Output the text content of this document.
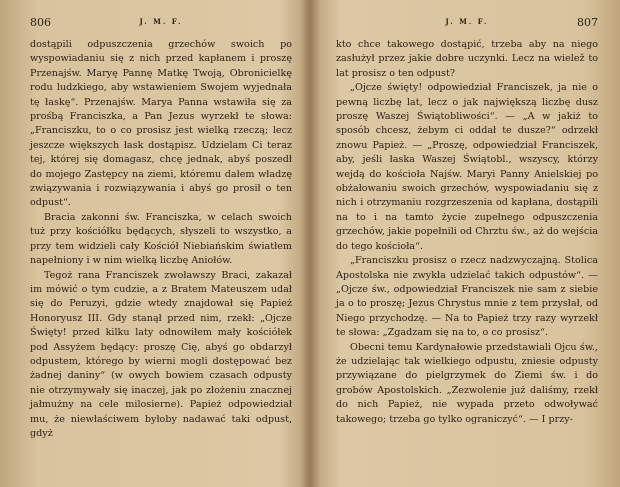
806	J. M. F.

dostąpili odpuszczenia grzechów swoich po wyspowiadaniu się z nich przed kapłanem i proszę Przenajśw. Maryę Pannę Matkę Twoją, Obronicielkę rodu ludzkiego, aby wstawieniem Swojem wyjednała tę łaskę“. Przenajśw. Marya Panna wstawiła się za prośbą Franciszka, a Pan Jezus wyrzekł te słowa: „Franciszku, to o co prosisz jest wielką rzeczą; lecz jeszcze większych łask dostąpisz. Udzielam Ci teraz tej, której się domagasz, chcę jednak, abyś poszedł do mojego Zastępcy na ziemi, któremu dałem władzę związywania i rozwiązywania i abyś go prosił o ten odpust“.

Bracia zakonni św. Franciszka, w celach swoich tuż przy kościółku będących, słyszeli to wszystko, a przy tem widzieli cały Kościół Niebiańskim światłem napełniony i w nim wielką liczbę Aniołów.

Tegoż rana Franciszek zwoławszy Braci, zakazał im mówić o tym cudzie, a z Bratem Mateuszem udał się do Peruzyi, gdzie wtedy znajdował się Papież Honoryusz III. Gdy stanął przed nim, rzekł: „Ojcze Święty! przed kilku laty odnowiłem mały kościółek pod Assyżem będący: proszę Cię, abyś go obdarzył odpustem, którego by wierni mogli dostępować bez żadnej daniny“ (w owych bowiem czasach odpusty nie otrzymywały się inaczej, jak po złożeniu znacznej jałmużny na cele milosierne). Papież odpowiedział mu, że niewłaściwem byłoby nadawać taki odpust, gdyż

J. M. F.	807

kto chce takowego dostąpić, trzeba aby na niego zasłużył przez jakie dobre uczynki. Lecz na wielež to lat prosisz o ten odpust?

„Ojcze święty! odpowiedział Franciszek, ja nie o pewną liczbę lat, lecz o jak największą liczbę dusz proszę Waszej Świątobliwości“. — „A w jakiż to sposób chcesz, żebym ci oddał te dusze?“ odrzekł znowu Papież. — „Proszę, odpowiedział Franciszek, aby, jeśli łaska Waszej Świątobl., wszyscy, którzy wejdą do kościoła Najśw. Maryi Panny Anielskiej po obżałowaniu swoich grzechów, wyspowiadaniu się z nich i otrzymaniu rozgrzeszenia od kapłana, dostąpili na to i na tamto życie zupełnego odpuszczenia grzechów, jakie popełnili od Chrztu św., aż do wejścia do tego kościoła“.

„Franciszku prosisz o rzecz nadzwyczajną. Stolica Apostolska nie zwykła udzielać takich odpustów“. — „Ojcze św., odpowiedział Franciszek nie sam z siebie ja o to proszę; Jezus Chrystus mnie z tem przysłał, od Niego przychodzę. — Na to Papież trzy razy wyrzekł te słowa: „Zgadzam się na to, o co prosisz“.

Obecni temu Kardynałowie przedstawiali Ojcu św., że udzielając tak wielkiego odpustu, zniesie odpusty przywiązane do pielgrzymek do Ziemi św. i do grobów Apostolskich. „Zezwolenie już daliśmy, rzekł do nich Papież, nie wypada przeto odwoływać takowego; trzeba go tylko ograniczyć“. — I przy-
